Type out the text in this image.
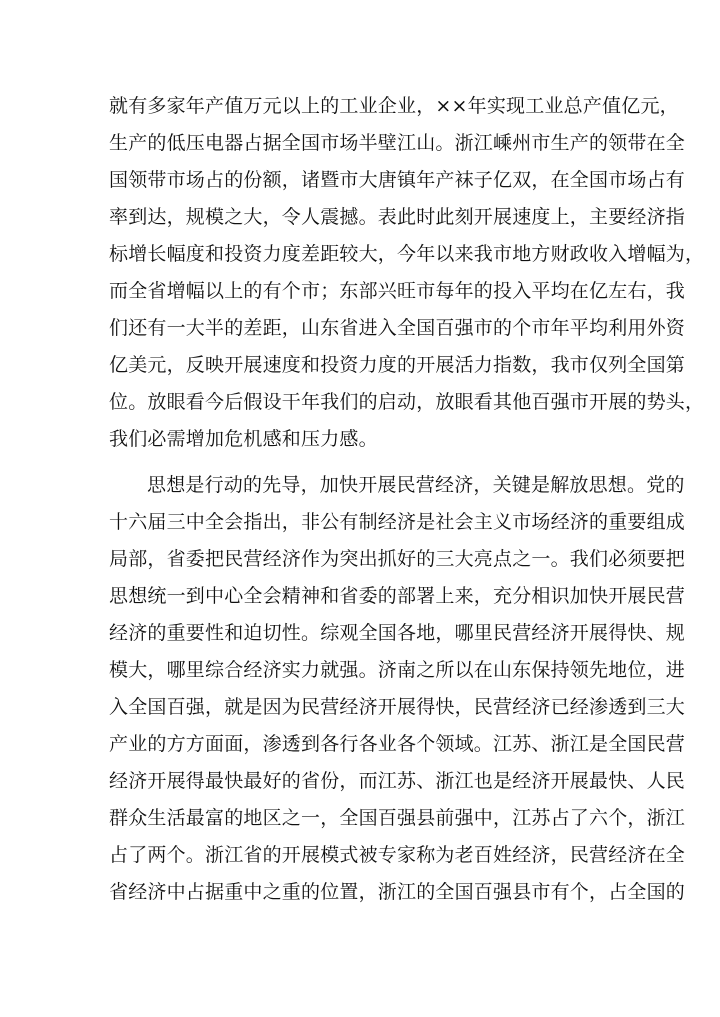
就有多家年产值万元以上的工业企业，××年实现工业总产值亿元，
生产的低压电器占据全国市场半壁江山。浙江嵊州市生产的领带在全
国领带市场占的份额，诸暨市大唐镇年产袜子亿双，在全国市场占有
率到达，规模之大，令人震撼。表此时此刻开展速度上，主要经济指
标增长幅度和投资力度差距较大，今年以来我市地方财政收入增幅为，
而全省增幅以上的有个市；东部兴旺市每年的投入平均在亿左右，我
们还有一大半的差距，山东省进入全国百强市的个市年平均利用外资
亿美元，反映开展速度和投资力度的开展活力指数，我市仅列全国第
位。放眼看今后假设干年我们的启动，放眼看其他百强市开展的势头，
我们必需增加危机感和压力感。
思想是行动的先导，加快开展民营经济，关键是解放思想。党的
十六届三中全会指出，非公有制经济是社会主义市场经济的重要组成
局部，省委把民营经济作为突出抓好的三大亮点之一。我们必须要把
思想统一到中心全会精神和省委的部署上来，充分相识加快开展民营
经济的重要性和迫切性。综观全国各地，哪里民营经济开展得快、规
模大，哪里综合经济实力就强。济南之所以在山东保持领先地位，进
入全国百强，就是因为民营经济开展得快，民营经济已经渗透到三大
产业的方方面面，渗透到各行各业各个领域。江苏、浙江是全国民营
经济开展得最快最好的省份，而江苏、浙江也是经济开展最快、人民
群众生活最富的地区之一，全国百强县前强中，江苏占了六个，浙江
占了两个。浙江省的开展模式被专家称为老百姓经济，民营经济在全
省经济中占据重中之重的位置，浙江的全国百强县市有个，占全国的
